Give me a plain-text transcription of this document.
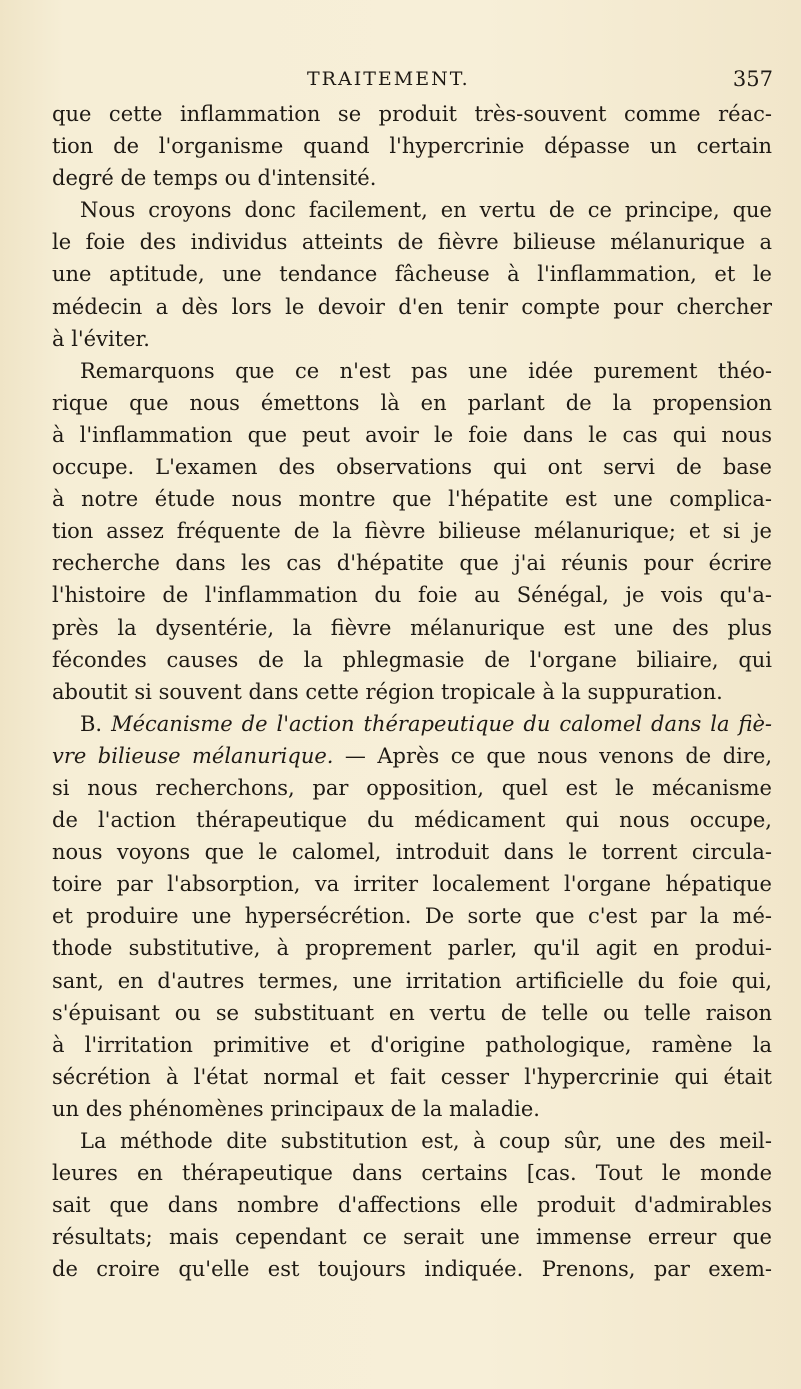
TRAITEMENT.	357
que cette inflammation se produit très-souvent comme réac-
tion de l'organisme quand l'hypercrinie dépasse un certain
degré de temps ou d'intensité.
Nous croyons donc facilement, en vertu de ce principe, que
le foie des individus atteints de fièvre bilieuse mélanurique a
une aptitude, une tendance fâcheuse à l'inflammation, et le
médecin a dès lors le devoir d'en tenir compte pour chercher
à l'éviter.
Remarquons que ce n'est pas une idée purement théo-
rique que nous émettons là en parlant de la propension
à l'inflammation que peut avoir le foie dans le cas qui nous
occupe. L'examen des observations qui ont servi de base
à notre étude nous montre que l'hépatite est une complica-
tion assez fréquente de la fièvre bilieuse mélanurique; et si je
recherche dans les cas d'hépatite que j'ai réunis pour écrire
l'histoire de l'inflammation du foie au Sénégal, je vois qu'a-
près la dysentérie, la fièvre mélanurique est une des plus
fécondes causes de la phlegmasie de l'organe biliaire, qui
aboutit si souvent dans cette région tropicale à la suppuration.
B. Mécanisme de l'action thérapeutique du calomel dans la fiè-
vre bilieuse mélanurique. — Après ce que nous venons de dire,
si nous recherchons, par opposition, quel est le mécanisme
de l'action thérapeutique du médicament qui nous occupe,
nous voyons que le calomel, introduit dans le torrent circula-
toire par l'absorption, va irriter localement l'organe hépatique
et produire une hypersécrétion. De sorte que c'est par la mé-
thode substitutive, à proprement parler, qu'il agit en produi-
sant, en d'autres termes, une irritation artificielle du foie qui,
s'épuisant ou se substituant en vertu de telle ou telle raison
à l'irritation primitive et d'origine pathologique, ramène la
sécrétion à l'état normal et fait cesser l'hypercrinie qui était
un des phénomènes principaux de la maladie.
La méthode dite substitution est, à coup sûr, une des meil-
leures en thérapeutique dans certains [cas. Tout le monde
sait que dans nombre d'affections elle produit d'admirables
résultats; mais cependant ce serait une immense erreur que
de croire qu'elle est toujours indiquée. Prenons, par exem-
